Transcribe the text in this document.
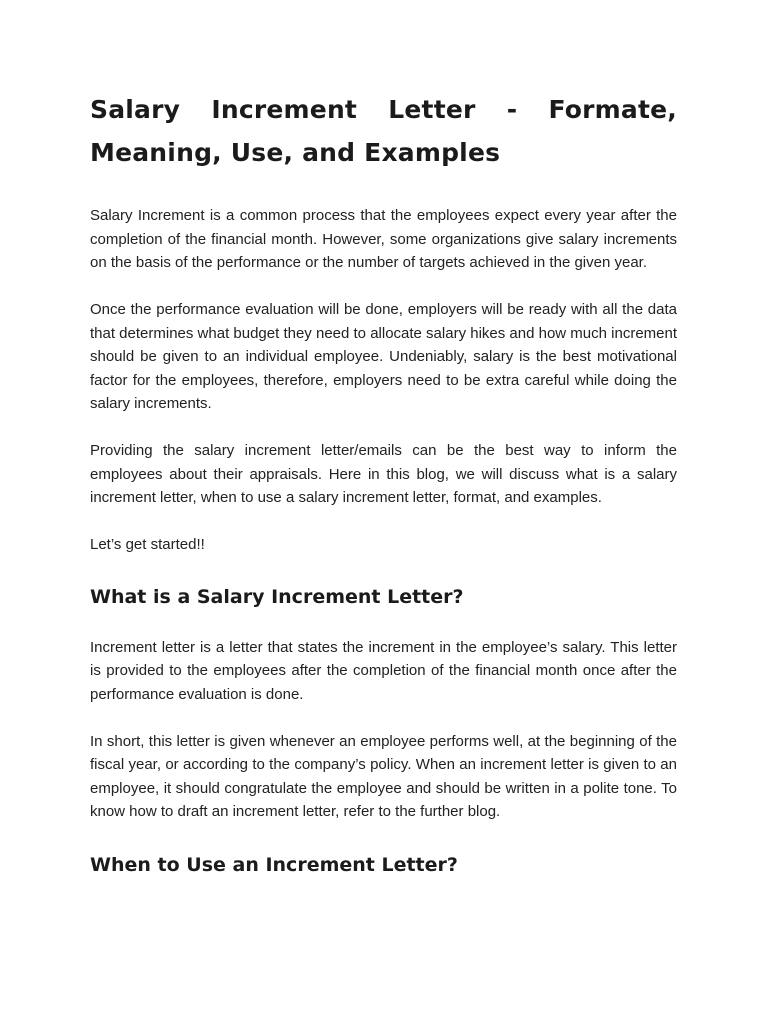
Salary Increment Letter - Formate, Meaning, Use, and Examples

Salary Increment is a common process that the employees expect every year after the completion of the financial month. However, some organizations give salary increments on the basis of the performance or the number of targets achieved in the given year.

Once the performance evaluation will be done, employers will be ready with all the data that determines what budget they need to allocate salary hikes and how much increment should be given to an individual employee. Undeniably, salary is the best motivational factor for the employees, therefore, employers need to be extra careful while doing the salary increments.

Providing the salary increment letter/emails can be the best way to inform the employees about their appraisals. Here in this blog, we will discuss what is a salary increment letter, when to use a salary increment letter, format, and examples.

Let’s get started!!

What is a Salary Increment Letter?

Increment letter is a letter that states the increment in the employee’s salary. This letter is provided to the employees after the completion of the financial month once after the performance evaluation is done.

In short, this letter is given whenever an employee performs well, at the beginning of the fiscal year, or according to the company’s policy. When an increment letter is given to an employee, it should congratulate the employee and should be written in a polite tone. To know how to draft an increment letter, refer to the further blog.

When to Use an Increment Letter?
